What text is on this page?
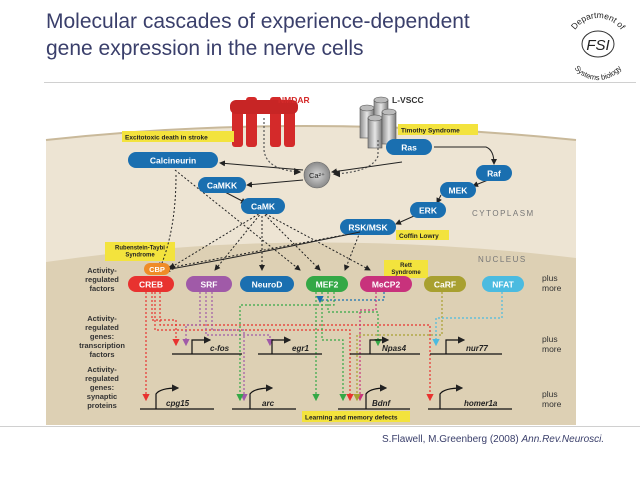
Molecular cascades of experience-dependent
gene expression in the nerve cells	FSI
Department of
Systems biology
CYTOPLASM
NUCLEUS
NMDAR	L-VSCC
Excitotoxic death in stroke
Timothy Syndrome
Rubenstein-Taybi Syndrome
Rett Syndrome
Coffin Lowry
Learning and memory defects
Ca²⁺
Calcineurin
CaMKK
CaMK
Ras
Raf
MEK
ERK
RSK/MSK
Activity-regulated factors
Activity-regulated genes: transcription factors
Activity-regulated genes: synaptic proteins
plus more
plus more
plus more
CBP
CREB	SRF	NeuroD	MEF2	MeCP2	CaRF	NFAT
c-fos	egr1	Npas4	nur77
cpg15	arc	Bdnf	homer1a
S.Flawell, M.Greenberg (2008) Ann.Rev.Neurosci.
